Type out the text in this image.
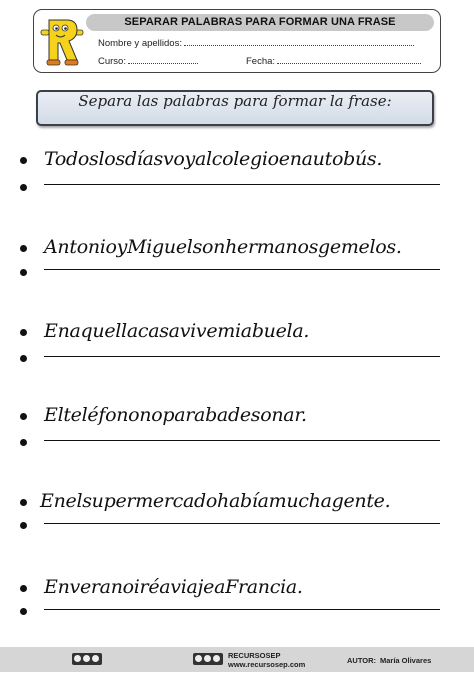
SEPARAR PALABRAS PARA FORMAR UNA FRASE
Nombre y apellidos:
Curso:	Fecha:
Separa las palabras para formar la frase:
Todoslosdíasvoyalcolegioenautobús.
AntonioyMiguelsonhermanosgemelos.
Enaquellacasavivemiabuela.
Elteléfononoparabadesonar.
Enelsupermercadohabíamuchagente.
EnveranoiréaviajeaFrancia.
RECURSOSEP
www.recursosep.com	AUTOR: María Olivares
